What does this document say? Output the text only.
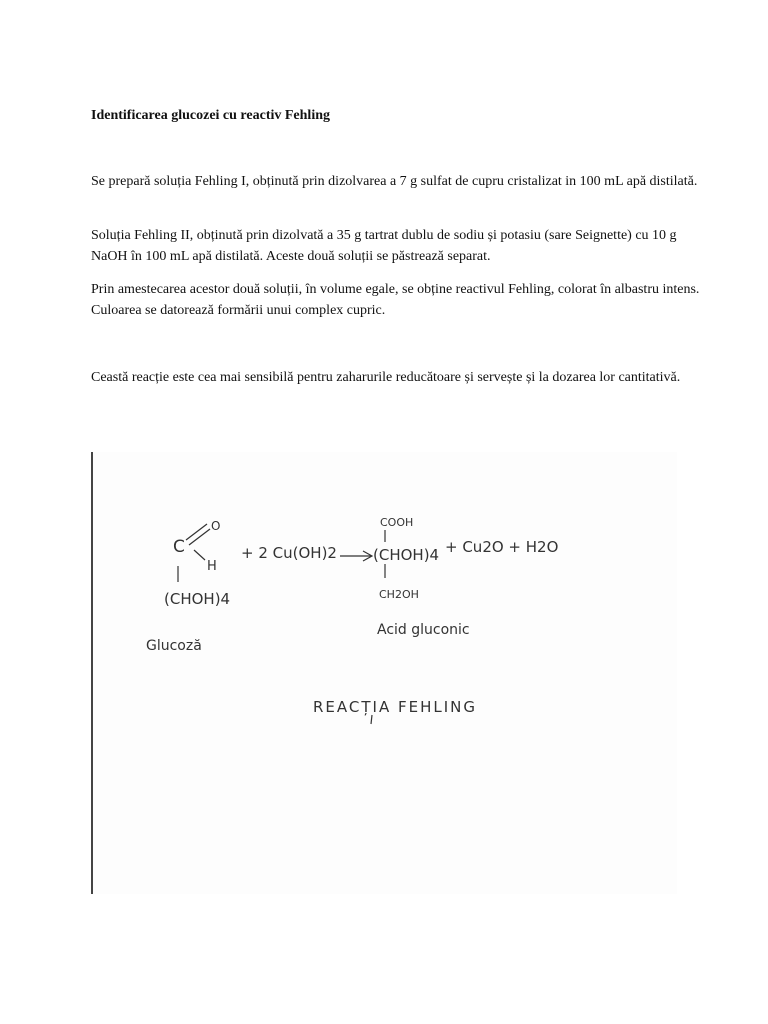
Identificarea glucozei cu reactiv Fehling

Se prepară soluția Fehling I, obținută prin dizolvarea a 7 g sulfat de cupru cristalizat in 100 mL apă distilată.

Soluția Fehling II, obținută prin dizolvată a 35 g tartrat dublu de sodiu și potasiu (sare Seignette) cu 10 g NaOH în 100 mL apă distilată. Aceste două soluții se păstrează separat.

Prin amestecarea acestor două soluții, în volume egale, se obține reactivul Fehling, colorat în albastru intens. Culoarea se datorează formării unui complex cupric.

Ceastă reacție este cea mai sensibilă pentru zaharurile reducătoare și servește și la dozarea lor cantitativă.

C
O
H
(CHOH)4
Glucoză
+ 2 Cu(OH)2
COOH
(CHOH)4
CH2OH
Acid gluconic
+ Cu2O + H2O
REACȚIA FEHLING
